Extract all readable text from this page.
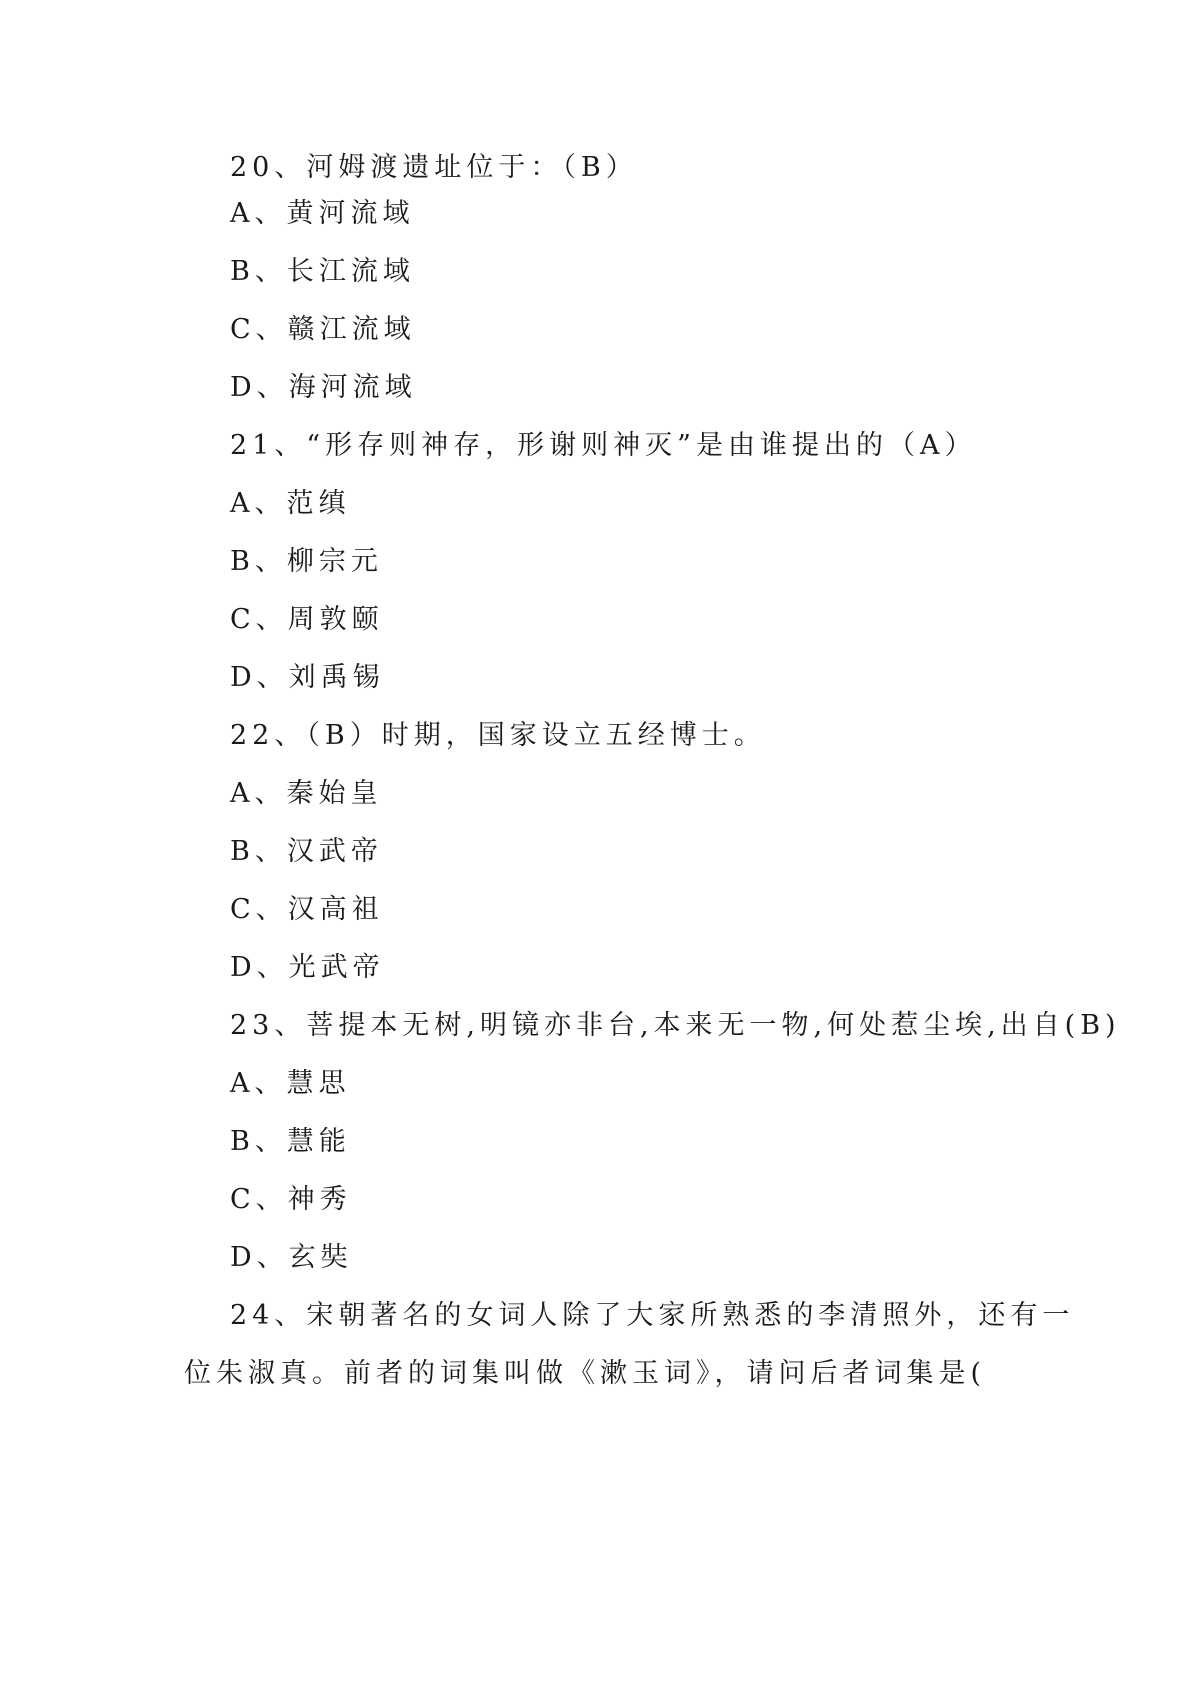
20、河姆渡遗址位于：（B）
A、黄河流域
B、长江流域
C、赣江流域
D、海河流域
21、“形存则神存，形谢则神灭”是由谁提出的（A）
A、范缜
B、柳宗元
C、周敦颐
D、刘禹锡
22、（B）时期，国家设立五经博士。
A、秦始皇
B、汉武帝
C、汉高祖
D、光武帝
23、菩提本无树,明镜亦非台,本来无一物,何处惹尘埃,出自(B)
A、慧思
B、慧能
C、神秀
D、玄奘
24、宋朝著名的女词人除了大家所熟悉的李清照外，还有一
位朱淑真。前者的词集叫做《漱玉词》，请问后者词集是(
